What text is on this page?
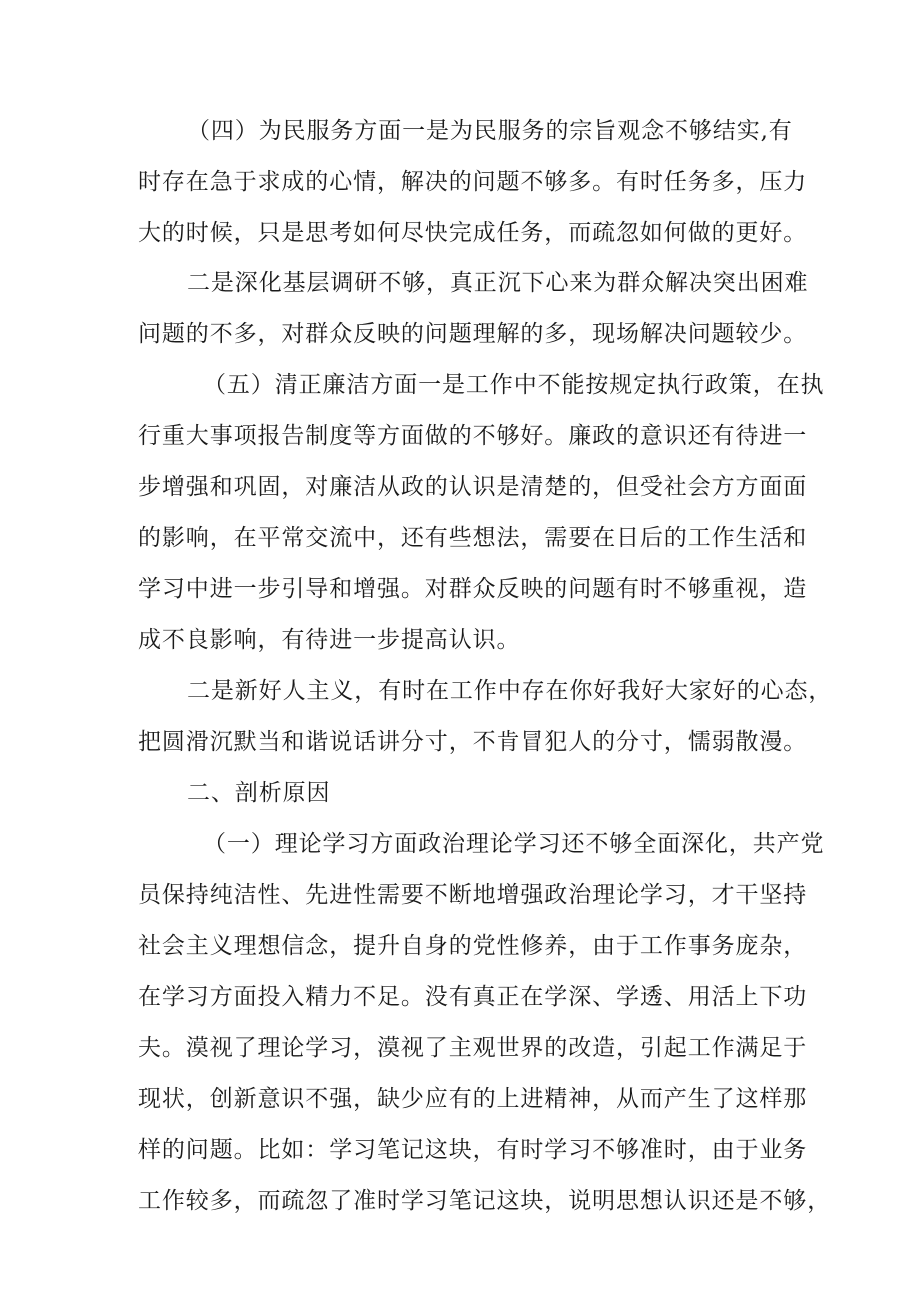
（四）为民服务方面一是为民服务的宗旨观念不够结实,有
时存在急于求成的心情，解决的问题不够多。有时任务多，压力
大的时候，只是思考如何尽快完成任务，而疏忽如何做的更好。
二是深化基层调研不够，真正沉下心来为群众解决突出困难
问题的不多，对群众反映的问题理解的多，现场解决问题较少。
（五）清正廉洁方面一是工作中不能按规定执行政策，在执
行重大事项报告制度等方面做的不够好。廉政的意识还有待进一
步增强和巩固，对廉洁从政的认识是清楚的，但受社会方方面面
的影响，在平常交流中，还有些想法，需要在日后的工作生活和
学习中进一步引导和增强。对群众反映的问题有时不够重视，造
成不良影响，有待进一步提高认识。
二是新好人主义，有时在工作中存在你好我好大家好的心态，
把圆滑沉默当和谐说话讲分寸，不肯冒犯人的分寸，懦弱散漫。
二、剖析原因
（一）理论学习方面政治理论学习还不够全面深化，共产党
员保持纯洁性、先进性需要不断地增强政治理论学习，才干坚持
社会主义理想信念，提升自身的党性修养，由于工作事务庞杂，
在学习方面投入精力不足。没有真正在学深、学透、用活上下功
夫。漠视了理论学习，漠视了主观世界的改造，引起工作满足于
现状，创新意识不强，缺少应有的上进精神，从而产生了这样那
样的问题。比如：学习笔记这块，有时学习不够准时，由于业务
工作较多，而疏忽了准时学习笔记这块，说明思想认识还是不够，
